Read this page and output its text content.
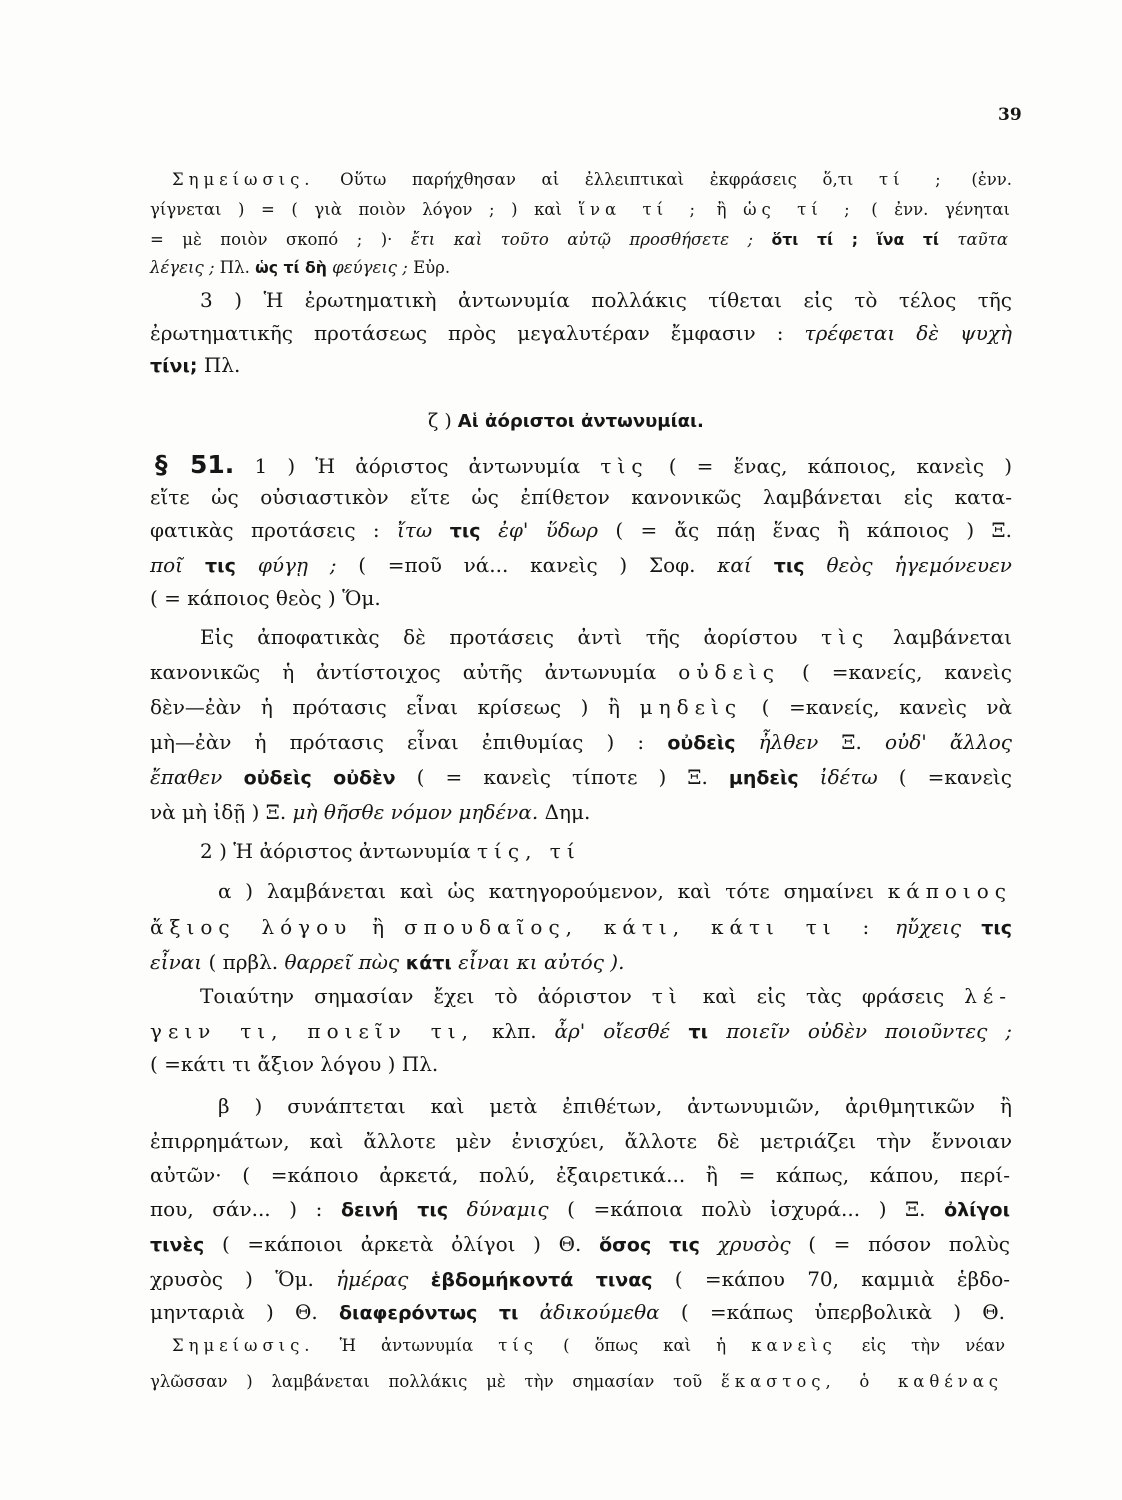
39
Σημείωσις. Οὕτω παρήχθησαν αἱ ἐλλειπτικαὶ ἐκφράσεις ὅ,τι τί ; (ἐνν.
γίγνεται ) = ( γιὰ ποιὸν λόγον ; ) καὶ ἵνα τί ; ἢ ὡς τί ; ( ἐνν. γένηται
= μὲ ποιὸν σκοπό ; )· ἔτι καὶ τοῦτο αὐτῷ προσθήσετε ; ὅτι τί ; ἵνα τί ταῦτα
λέγεις ; Πλ. ὡς τί δὴ φεύγεις ; Εὐρ.
3 ) Ἡ ἐρωτηματικὴ ἀντωνυμία πολλάκις τίθεται εἰς τὸ τέλος τῆς
ἐρωτηματικῆς προτάσεως πρὸς μεγαλυτέραν ἔμφασιν : τρέφεται δὲ ψυχὴ
τίνι; Πλ.
ζ ) Αἱ ἀόριστοι ἀντωνυμίαι.
§ 51. 1 ) Ἡ ἀόριστος ἀντωνυμία τὶς ( = ἕνας, κάποιος, κανεὶς )
εἴτε ὡς οὐσιαστικὸν εἴτε ὡς ἐπίθετον κανονικῶς λαμβάνεται εἰς κατα-
φατικὰς προτάσεις : ἴτω τις ἐφ' ὕδωρ ( = ἄς πάῃ ἕνας ἢ κάποιος ) Ξ.
ποῖ τις φύγῃ ; ( =ποῦ νά... κανεὶς ) Σοφ. καί τις θεὸς ἡγεμόνευεν
( = κάποιος θεὸς ) Ὅμ.
Εἰς ἀποφατικὰς δὲ προτάσεις ἀντὶ τῆς ἀορίστου τὶς λαμβάνεται
κανονικῶς ἡ ἀντίστοιχος αὐτῆς ἀντωνυμία οὐδεὶς ( =κανείς, κανεὶς
δὲν—ἐὰν ἡ πρότασις εἶναι κρίσεως ) ἢ μηδεὶς ( =κανείς, κανεὶς νὰ
μὴ—ἐὰν ἡ πρότασις εἶναι ἐπιθυμίας ) : οὐδεὶς ἦλθεν Ξ. οὐδ' ἄλλος
ἔπαθεν οὐδεὶς οὐδὲν ( = κανεὶς τίποτε ) Ξ. μηδεὶς ἰδέτω ( =κανεὶς
νὰ μὴ ἰδῇ ) Ξ. μὴ θῆσθε νόμον μηδένα. Δημ.
2 ) Ἡ ἀόριστος ἀντωνυμία τίς, τί
α ) λαμβάνεται καὶ ὡς κατηγορούμενον, καὶ τότε σημαίνει κάποιος
ἄξιος λόγου ἢ σπουδαῖος, κάτι, κάτι τι : ηὔχεις τις
εἶναι ( πρβλ. θαρρεῖ πὼς κάτι εἶναι κι αὐτός ).
Τοιαύτην σημασίαν ἔχει τὸ ἀόριστον τὶ καὶ εἰς τὰς φράσεις λέ-
γειν τι, ποιεῖν τι, κλπ. ἆρ' οἴεσθέ τι ποιεῖν οὐδὲν ποιοῦντες ;
( =κάτι τι ἄξιον λόγου ) Πλ.
β ) συνάπτεται καὶ μετὰ ἐπιθέτων, ἀντωνυμιῶν, ἀριθμητικῶν ἢ
ἐπιρρημάτων, καὶ ἄλλοτε μὲν ἐνισχύει, ἄλλοτε δὲ μετριάζει τὴν ἔννοιαν
αὐτῶν· ( =κάποιο ἀρκετά, πολύ, ἐξαιρετικά... ἢ = κάπως, κάπου, περί-
που, σάν... ) : δεινή τις δύναμις ( =κάποια πολὺ ἰσχυρά... ) Ξ. ὀλίγοι
τινὲς ( =κάποιοι ἀρκετὰ ὀλίγοι ) Θ. ὅσος τις χρυσὸς ( = πόσον πολὺς
χρυσὸς ) Ὅμ. ἡμέρας ἑβδομήκοντά τινας ( =κάπου 70, καμμιὰ ἑβδο-
μηνταριὰ ) Θ. διαφερόντως τι ἀδικούμεθα ( =κάπως ὑπερβολικὰ ) Θ.
Σημείωσις. Ἡ ἀντωνυμία τίς ( ὅπως καὶ ἡ κανεὶς εἰς τὴν νέαν
γλῶσσαν ) λαμβάνεται πολλάκις μὲ τὴν σημασίαν τοῦ ἕκαστος, ὁ καθένας
